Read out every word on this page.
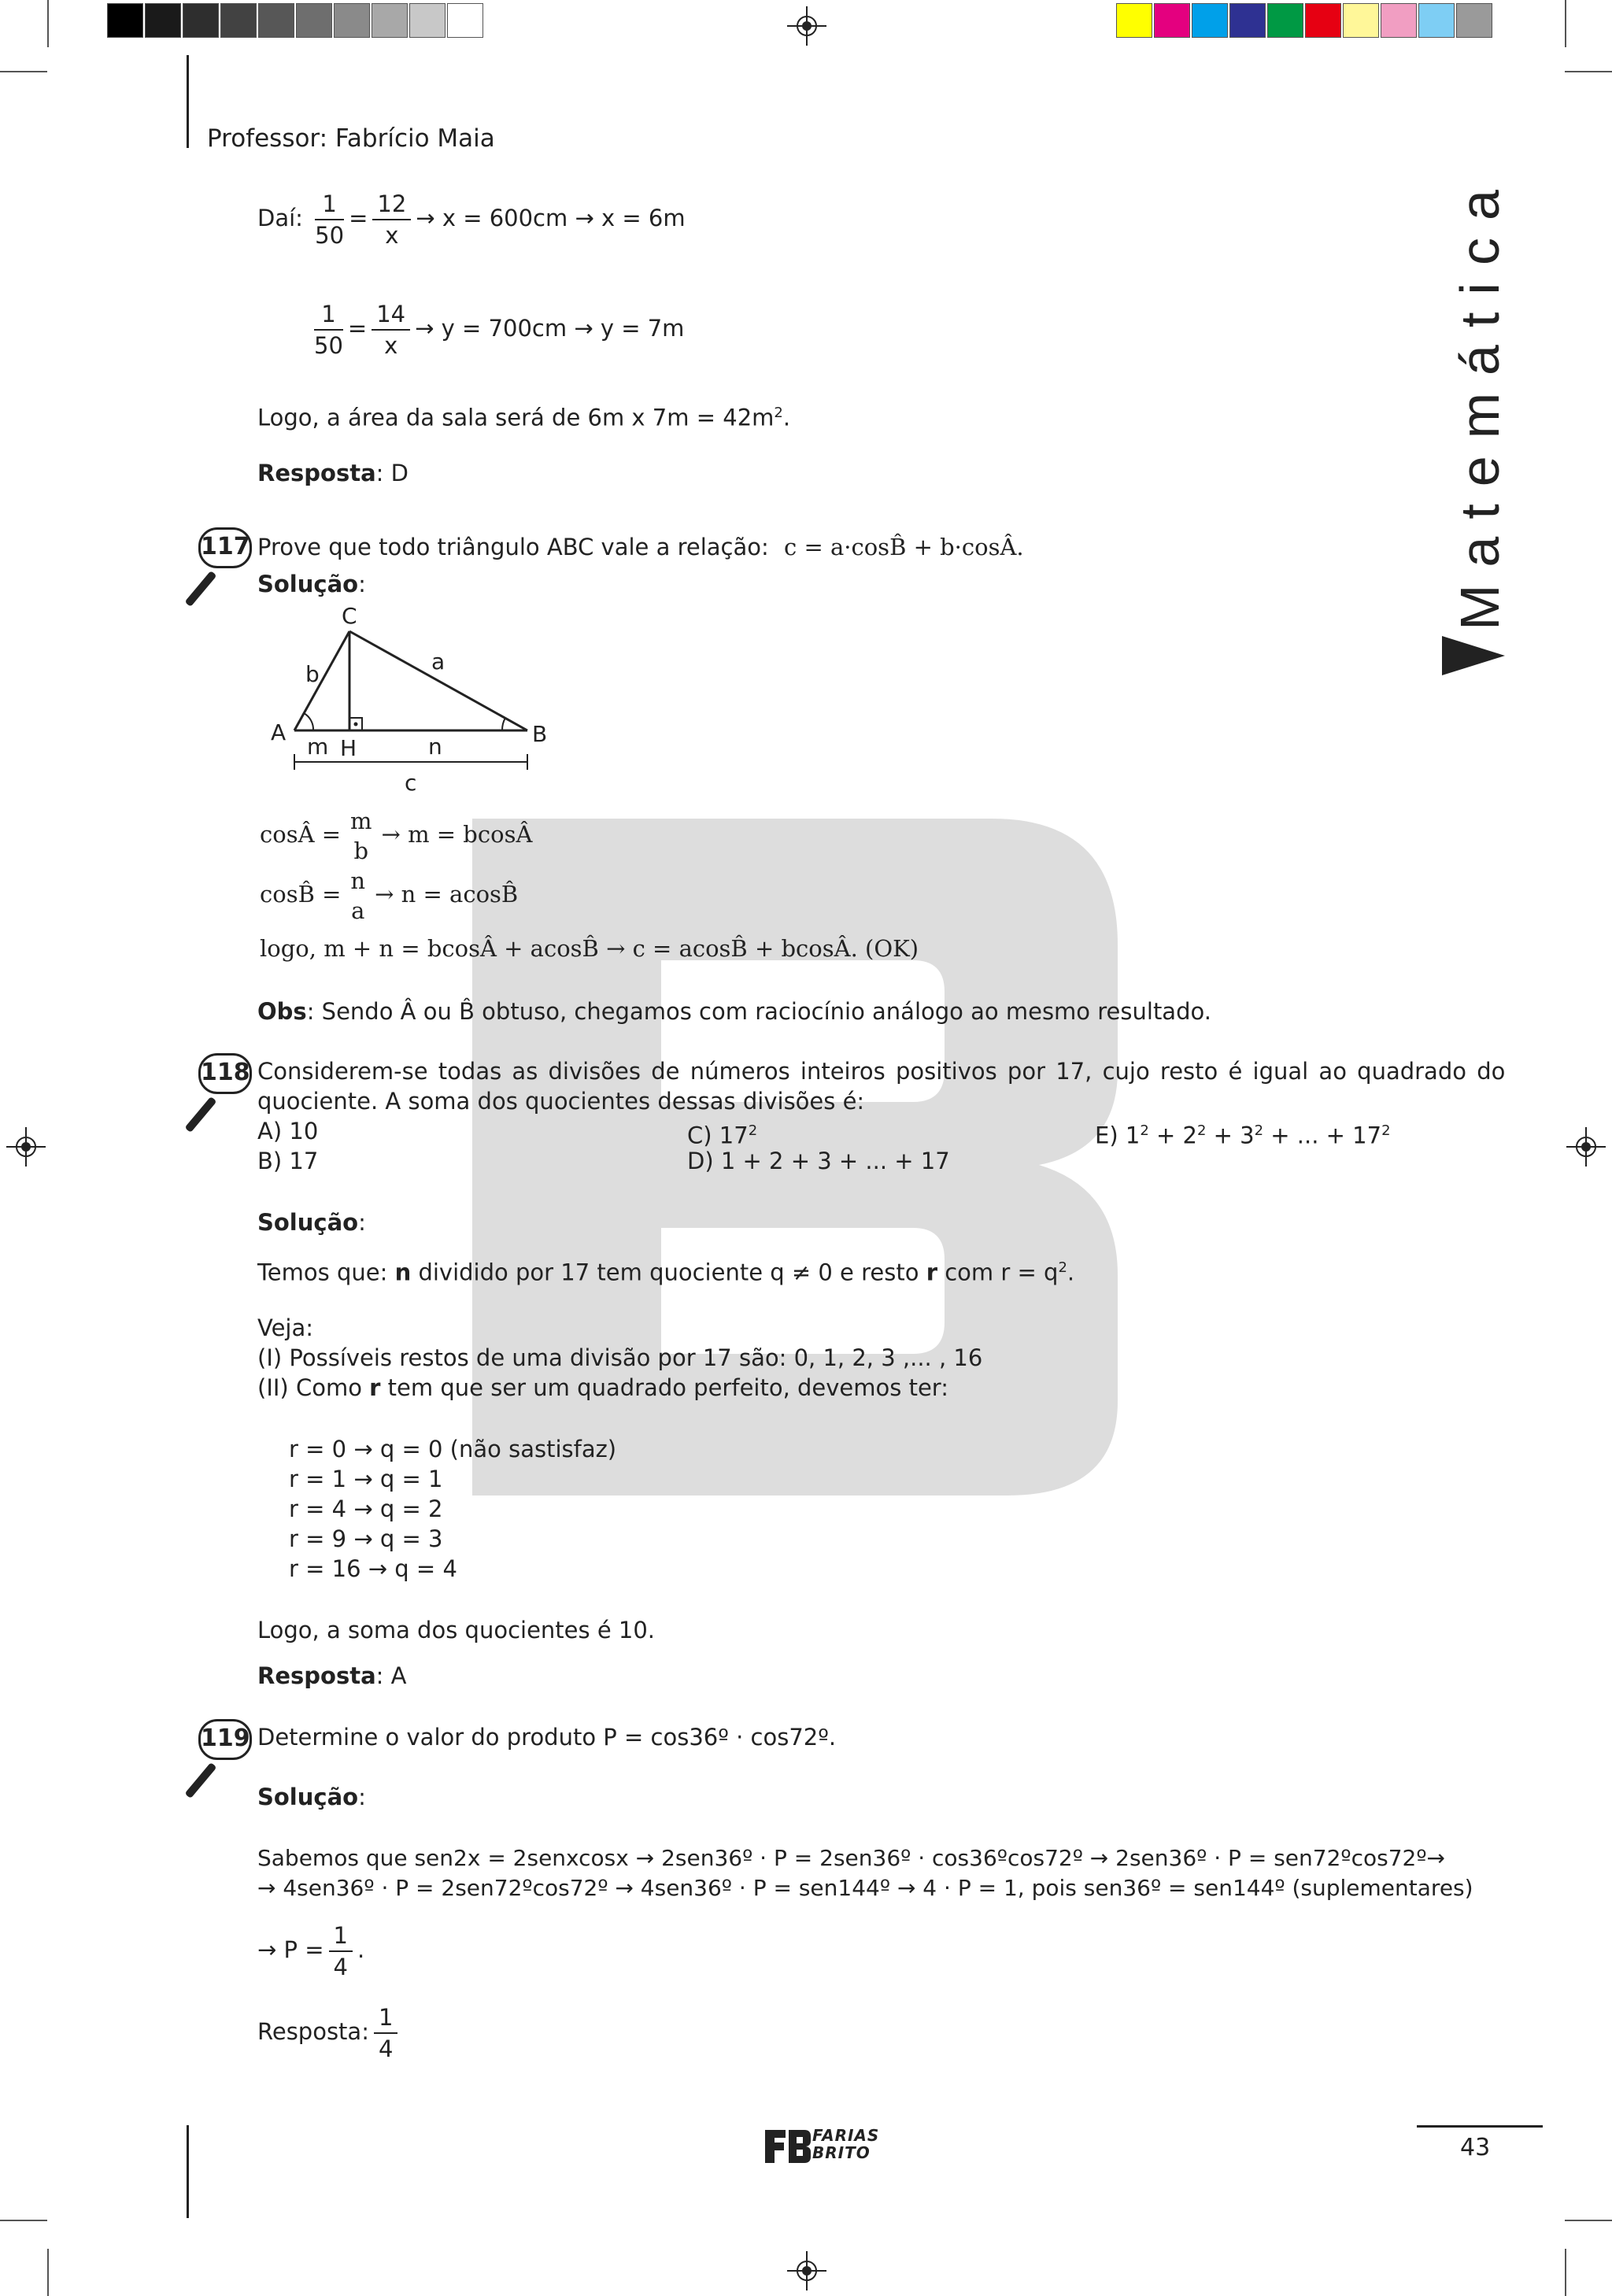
Professor: Fabrício Maia
Matemática
Daí: $\frac{1}{50} = \frac{12}{x} \to x = 600cm \to x = 6m$
$\frac{1}{50} = \frac{14}{x} \to y = 700cm \to y = 7m$
Logo, a área da sala será de 6m x $7m = 42m^2$.
Resposta: D
117 Prove que todo triângulo ABC vale a relação: c = a·cosB̂ + b·cosÂ.
Solução:
C
a
b
A	B
m H	n
c
cosÂ = m
b
→ m = bcosÂ
cosB̂ = n
a
→ n = acosB̂
logo, m + n = bcosÂ + acosB̂ → c = acosB̂ + bcosÂ. (OK)
Obs: Sendo Â ou B̂ obtuso, chegamos com raciocínio análogo ao mesmo resultado.
118 Considerem-se todas as divisões de números inteiros positivos por 17, cujo resto é igual ao quadrado do
quociente. A soma dos quocientes dessas divisões é:
A) 10
B) 17
C) $17^2$
D) 1 + 2 + 3 + ... + 17
E) $1^2 + 2^2 + 3^2$ + ... + $17^2$
Solução:
Temos que: n dividido por 17 tem quociente q ≠ 0 e resto r com $r = q^2$.
Veja:
(I) Possíveis restos de uma divisão por 17 são: 0, 1, 2, 3 ,... , 16
(II) Como r tem que ser um quadrado perfeito, devemos ter:
r = 0 → q = 0 (não sastisfaz)
r = 1 → q = 1
r = 4 → q = 2
r = 9 → q = 3
r = 16 → q = 4
Logo, a soma dos quocientes é 10.
Resposta: A
119 Determine o valor do produto P = cos36º · cos72º.
Solução:
Sabemos que sen2x = 2senxcosx → 2sen36º · P = 2sen36º · cos36ºcos72º → 2sen36º · P = sen72ºcos72º→
→ 4sen36º · P = 2sen72ºcos72º → 4sen36º · P = sen144º → 4 · P = 1, pois sen36º = sen144º (suplementares)
→ $P = \frac{1}{4}$ .
Resposta: $\frac{1}{4}$
FARIAS
BRITO	43
